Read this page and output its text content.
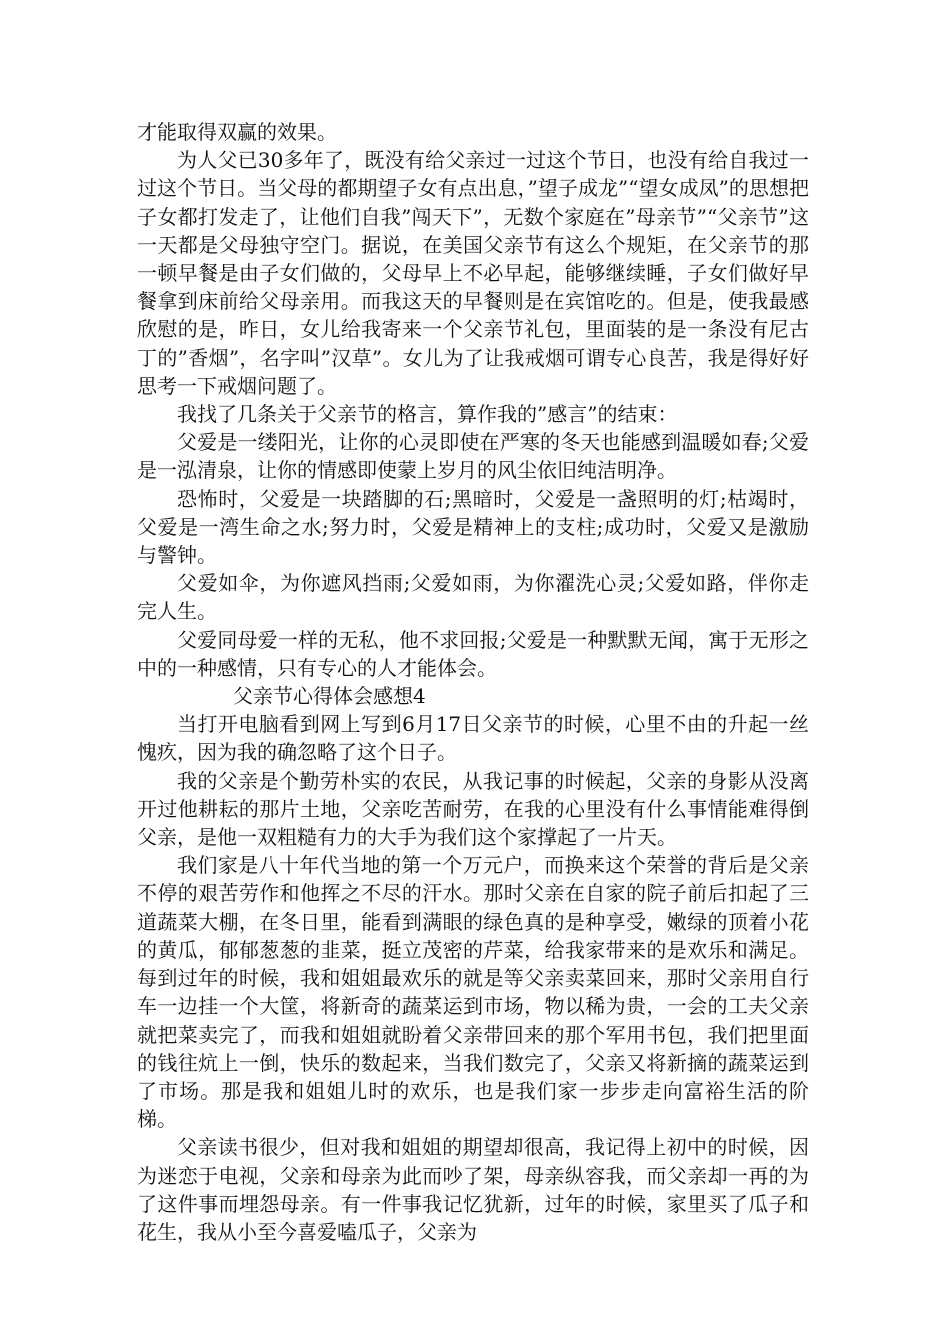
才能取得双赢的效果。

为人父已30多年了，既没有给父亲过一过这个节日，也没有给自我过一过这个节日。当父母的都期望子女有点出息，”望子成龙”“望女成凤”的思想把子女都打发走了，让他们自我”闯天下”，无数个家庭在”母亲节”“父亲节”这一天都是父母独守空门。据说，在美国父亲节有这么个规矩，在父亲节的那一顿早餐是由子女们做的，父母早上不必早起，能够继续睡，子女们做好早餐拿到床前给父母亲用。而我这天的早餐则是在宾馆吃的。但是，使我最感欣慰的是，昨日，女儿给我寄来一个父亲节礼包，里面装的是一条没有尼古丁的”香烟”，名字叫”汉草”。女儿为了让我戒烟可谓专心良苦，我是得好好思考一下戒烟问题了。

我找了几条关于父亲节的格言，算作我的”感言”的结束：

父爱是一缕阳光，让你的心灵即使在严寒的冬天也能感到温暖如春;父爱是一泓清泉，让你的情感即使蒙上岁月的风尘依旧纯洁明净。

恐怖时，父爱是一块踏脚的石;黑暗时，父爱是一盏照明的灯;枯竭时，父爱是一湾生命之水;努力时，父爱是精神上的支柱;成功时，父爱又是激励与警钟。

父爱如伞，为你遮风挡雨;父爱如雨，为你濯洗心灵;父爱如路，伴你走完人生。

父爱同母爱一样的无私，他不求回报;父爱是一种默默无闻，寓于无形之中的一种感情，只有专心的人才能体会。

父亲节心得体会感想4

当打开电脑看到网上写到6月17日父亲节的时候，心里不由的升起一丝愧疚，因为我的确忽略了这个日子。

我的父亲是个勤劳朴实的农民，从我记事的时候起，父亲的身影从没离开过他耕耘的那片土地，父亲吃苦耐劳，在我的心里没有什么事情能难得倒父亲，是他一双粗糙有力的大手为我们这个家撑起了一片天。

我们家是八十年代当地的第一个万元户，而换来这个荣誉的背后是父亲不停的艰苦劳作和他挥之不尽的汗水。那时父亲在自家的院子前后扣起了三道蔬菜大棚，在冬日里，能看到满眼的绿色真的是种享受，嫩绿的顶着小花的黄瓜，郁郁葱葱的韭菜，挺立茂密的芹菜，给我家带来的是欢乐和满足。每到过年的时候，我和姐姐最欢乐的就是等父亲卖菜回来，那时父亲用自行车一边挂一个大筐，将新奇的蔬菜运到市场，物以稀为贵，一会的工夫父亲就把菜卖完了，而我和姐姐就盼着父亲带回来的那个军用书包，我们把里面的钱往炕上一倒，快乐的数起来，当我们数完了，父亲又将新摘的蔬菜运到了市场。那是我和姐姐儿时的欢乐，也是我们家一步步走向富裕生活的阶梯。

父亲读书很少，但对我和姐姐的期望却很高，我记得上初中的时候，因为迷恋于电视，父亲和母亲为此而吵了架，母亲纵容我，而父亲却一再的为了这件事而埋怨母亲。有一件事我记忆犹新，过年的时候，家里买了瓜子和花生，我从小至今喜爱嗑瓜子，父亲为
